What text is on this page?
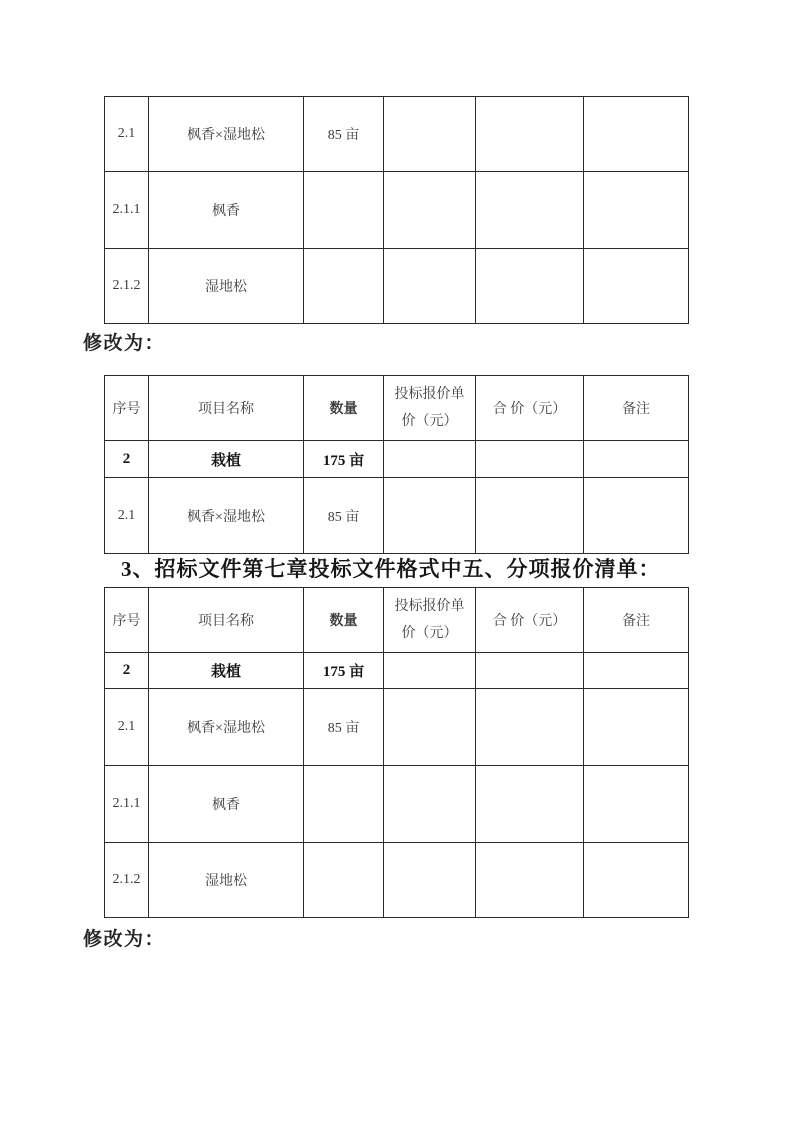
2.1	枫香×湿地松	85 亩			
2.1.1	枫香				
2.1.2	湿地松				
修改为：
序号	项目名称	数量	投标报价单
价（元）	合 价（元）	备注
2	栽植	175 亩			
2.1	枫香×湿地松	85 亩			
3、招标文件第七章投标文件格式中五、分项报价清单：
序号	项目名称	数量	投标报价单
价（元）	合 价（元）	备注
2	栽植	175 亩			
2.1	枫香×湿地松	85 亩			
2.1.1	枫香				
2.1.2	湿地松				
修改为：
